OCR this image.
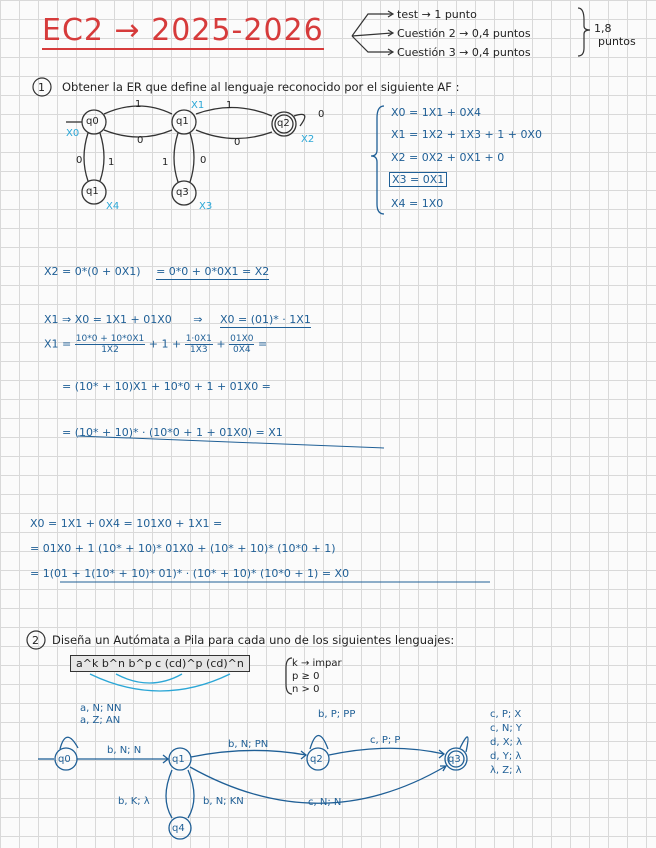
EC2 → 2025-2026	test → 1 punto
Cuestión 2 → 0,4 puntos
Cuestión 3 → 0,4 puntos
1,8
puntos
1 Obtener la ER que define al lenguaje reconocido por el siguiente AF :
q0	q1	q2
q1	q3
X0
X1
X2
X4	X3
1	1
0
0	0
1	1
0	0
X0 = 1X1 + 0X4
X1 = 1X2 + 1X3 + 1 + 0X0
X2 = 0X2 + 0X1 + 0
X3 = 0X1
X4 = 1X0
X2 = 0*(0 + 0X1) = 0*0 + 0*0X1 = X2
X1 ⇒ X0 = 1X1 + 01X0 ⇒ X0 = (01)* · 1X1
$X1 = \frac{10*0 + 10*0X1}{1X2} + 1 + \frac{1\cdot 0X1}{1X3} + \frac{01X0}{0X4}$ =
= (10* + 10)X1 + 10*0 + 1 + 01X0 =
= (10* + 10)* · (10*0 + 1 + 01X0) = X1
X0 = 1X1 + 0X4 = 101X0 + 1X1 =
= 01X0 + 1 (10* + 10)* 01X0 + (10* + 10)* (10*0 + 1)
= 1(01 + 1(10* + 10)* 01)* · (10* + 10)* (10*0 + 1) = X0
2 Diseña un Autómata a Pila para cada uno de los siguientes lenguajes:
a^k b^n b^p c (cd)^p (cd)^n	k → impar
p ≥ 0
n > 0
q0	q1	q2	q3
q4
a, N; NN
a, Z; AN
b, N; N
b, N; PN
b, P; PP
c, P; P
c, N; N
b, K; λ	b, N; KN
c, P; X
c, N; Y
d, X; λ
d, Y; λ
λ, Z; λ
